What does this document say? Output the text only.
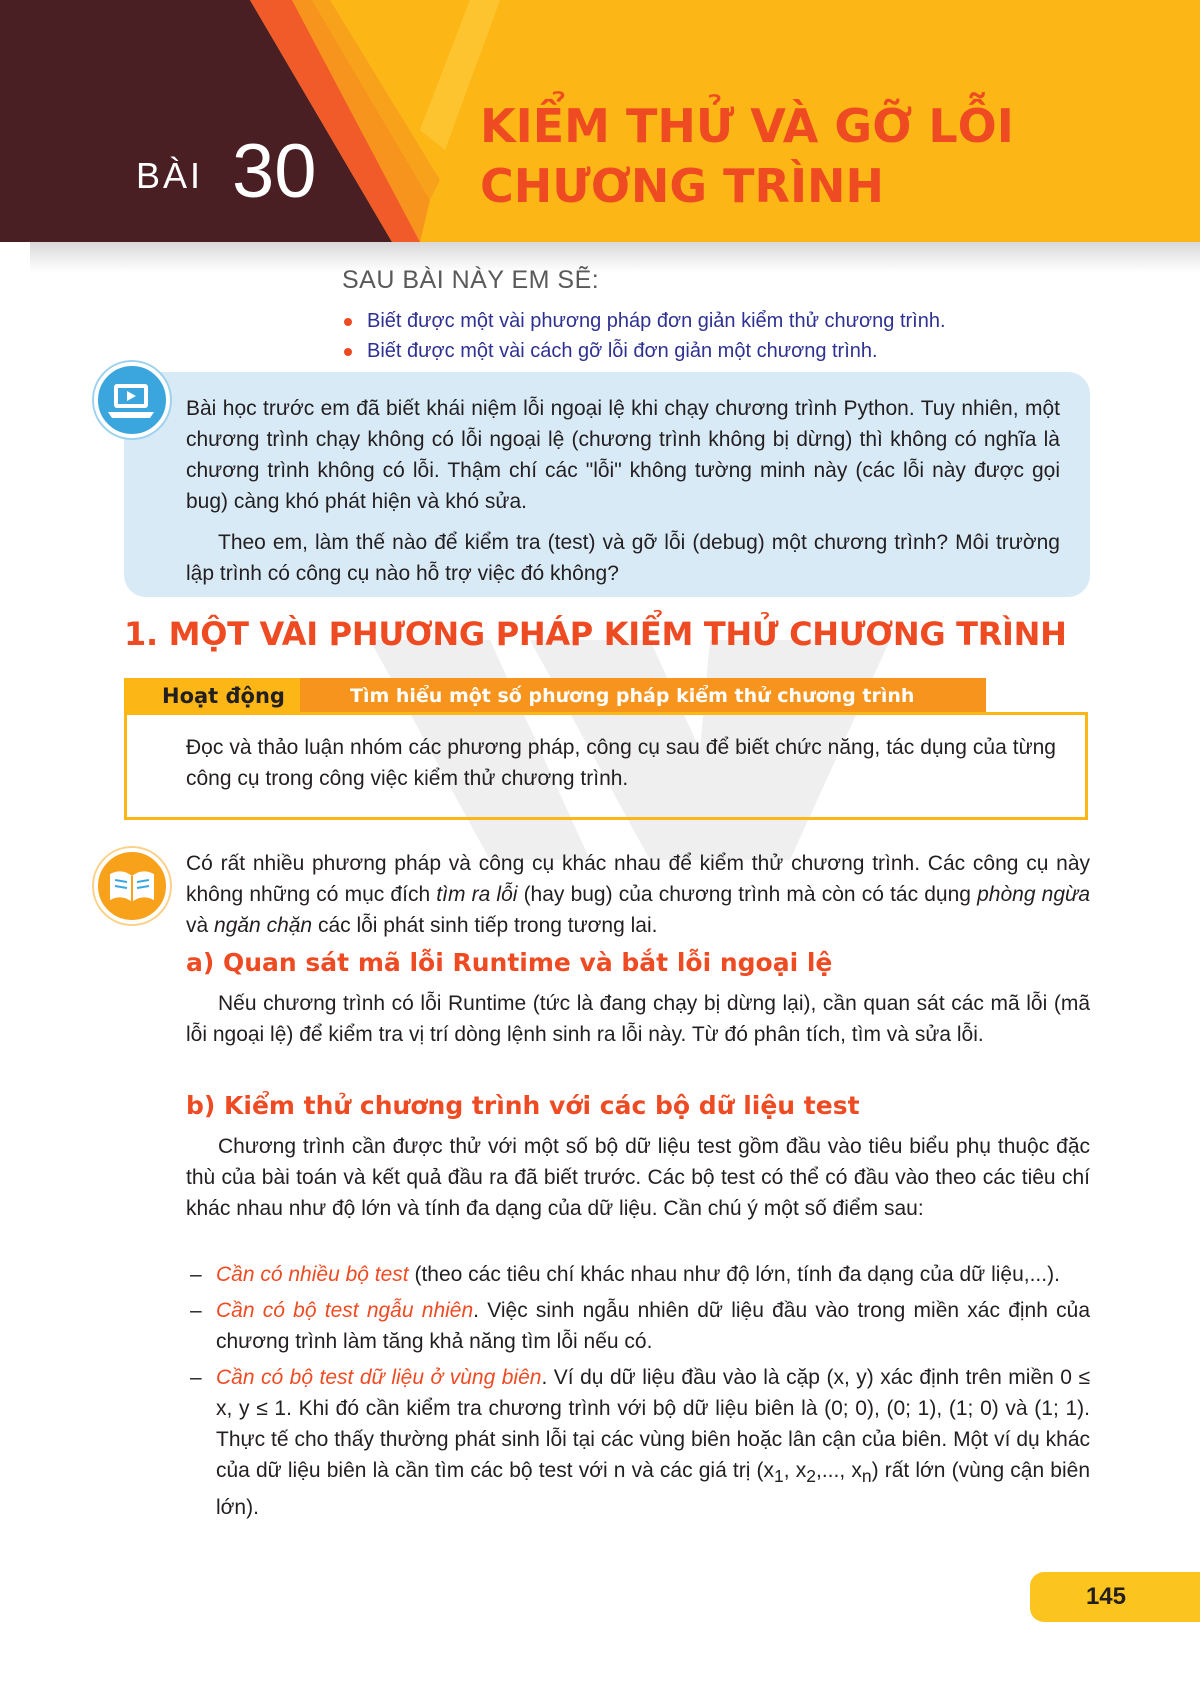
BÀI 30
KIỂM THỬ VÀ GỠ LỖI
CHƯƠNG TRÌNH
SAU BÀI NÀY EM SẼ:
Biết được một vài phương pháp đơn giản kiểm thử chương trình.
Biết được một vài cách gỡ lỗi đơn giản một chương trình.

Bài học trước em đã biết khái niệm lỗi ngoại lệ khi chạy chương trình Python. Tuy nhiên, một chương trình chạy không có lỗi ngoại lệ (chương trình không bị dừng) thì không có nghĩa là chương trình không có lỗi. Thậm chí các "lỗi" không tường minh này (các lỗi này được gọi bug) càng khó phát hiện và khó sửa.

Theo em, làm thế nào để kiểm tra (test) và gỡ lỗi (debug) một chương trình? Môi trường lập trình có công cụ nào hỗ trợ việc đó không?

1. MỘT VÀI PHƯƠNG PHÁP KIỂM THỬ CHƯƠNG TRÌNH
Hoạt động	Tìm hiểu một số phương pháp kiểm thử chương trình

Đọc và thảo luận nhóm các phương pháp, công cụ sau để biết chức năng, tác dụng của từng công cụ trong công việc kiểm thử chương trình.

Có rất nhiều phương pháp và công cụ khác nhau để kiểm thử chương trình. Các công cụ này không những có mục đích tìm ra lỗi (hay bug) của chương trình mà còn có tác dụng phòng ngừa và ngăn chặn các lỗi phát sinh tiếp trong tương lai.

a) Quan sát mã lỗi Runtime và bắt lỗi ngoại lệ

Nếu chương trình có lỗi Runtime (tức là đang chạy bị dừng lại), cần quan sát các mã lỗi (mã lỗi ngoại lệ) để kiểm tra vị trí dòng lệnh sinh ra lỗi này. Từ đó phân tích, tìm và sửa lỗi.

b) Kiểm thử chương trình với các bộ dữ liệu test

Chương trình cần được thử với một số bộ dữ liệu test gồm đầu vào tiêu biểu phụ thuộc đặc thù của bài toán và kết quả đầu ra đã biết trước. Các bộ test có thể có đầu vào theo các tiêu chí khác nhau như độ lớn và tính đa dạng của dữ liệu. Cần chú ý một số điểm sau:

– Cần có nhiều bộ test (theo các tiêu chí khác nhau như độ lớn, tính đa dạng của dữ liệu,...).
– Cần có bộ test ngẫu nhiên. Việc sinh ngẫu nhiên dữ liệu đầu vào trong miền xác định của chương trình làm tăng khả năng tìm lỗi nếu có.
– Cần có bộ test dữ liệu ở vùng biên. Ví dụ dữ liệu đầu vào là cặp (x, y) xác định trên miền 0 ≤ x, y ≤ 1. Khi đó cần kiểm tra chương trình với bộ dữ liệu biên là (0; 0), (0; 1), (1; 0) và (1; 1). Thực tế cho thấy thường phát sinh lỗi tại các vùng biên hoặc lân cận của biên. Một ví dụ khác của dữ liệu biên là cần tìm các bộ test với n và các giá trị ($x_1$, $x_2$,..., $x_n$) rất lớn (vùng cận biên lớn).
145
